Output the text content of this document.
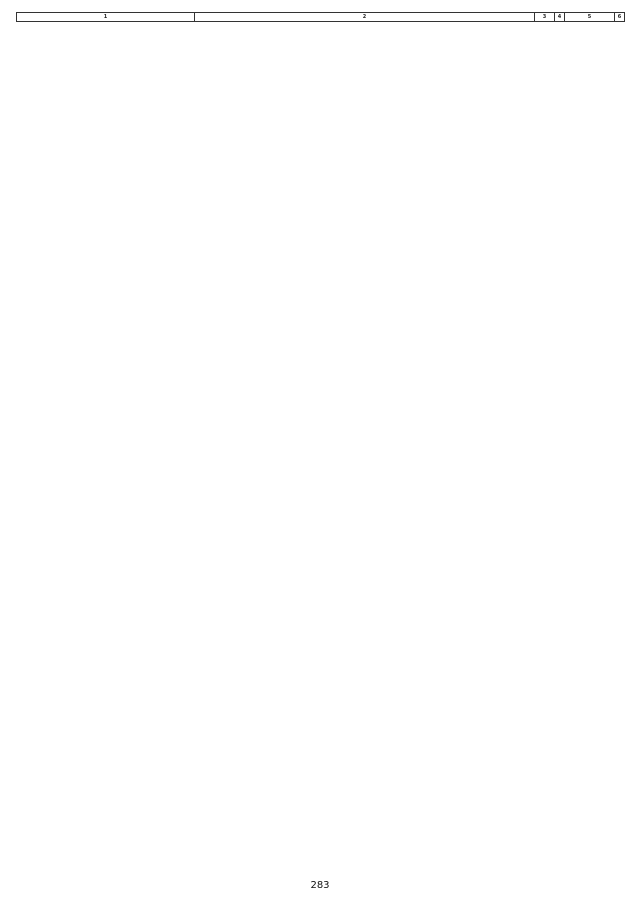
1	2	3	4	5	6
283
